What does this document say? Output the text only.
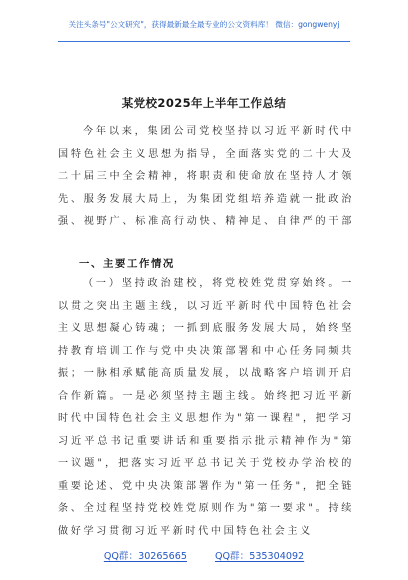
关注头条号"公文研究"，获得最新最全最专业的公文资料库！ 微信：gongwenyj
某党校2025年上半年工作总结
今年以来，集团公司党校坚持以习近平新时代中国特色社会主义思想为指导，全面落实党的二十大及二十届三中全会精神，将职责和使命放在坚持人才领先、服务发展大局上，为集团党组培养造就一批政治强、视野广、标准高行动快、精神足、自律严的干部
一、主要工作情况
（一）坚持政治建校，将党校姓党贯穿始终。一以贯之突出主题主线，以习近平新时代中国特色社会主义思想凝心铸魂；一抓到底服务发展大局，始终坚持教育培训工作与党中央决策部署和中心任务同频共振；一脉相承赋能高质量发展，以战略客户培训开启合作新篇。一是必须坚持主题主线。始终把习近平新时代中国特色社会主义思想作为"第一课程"，把学习习近平总书记重要讲话和重要指示批示精神作为"第一议题"，把落实习近平总书记关于党校办学治校的重要论述、党中央决策部署作为"第一任务"，把全链条、全过程坚持党校姓党原则作为"第一要求"。持续做好学习贯彻习近平新时代中国特色社会主义
QQ群：30265665	QQ群：535304092
